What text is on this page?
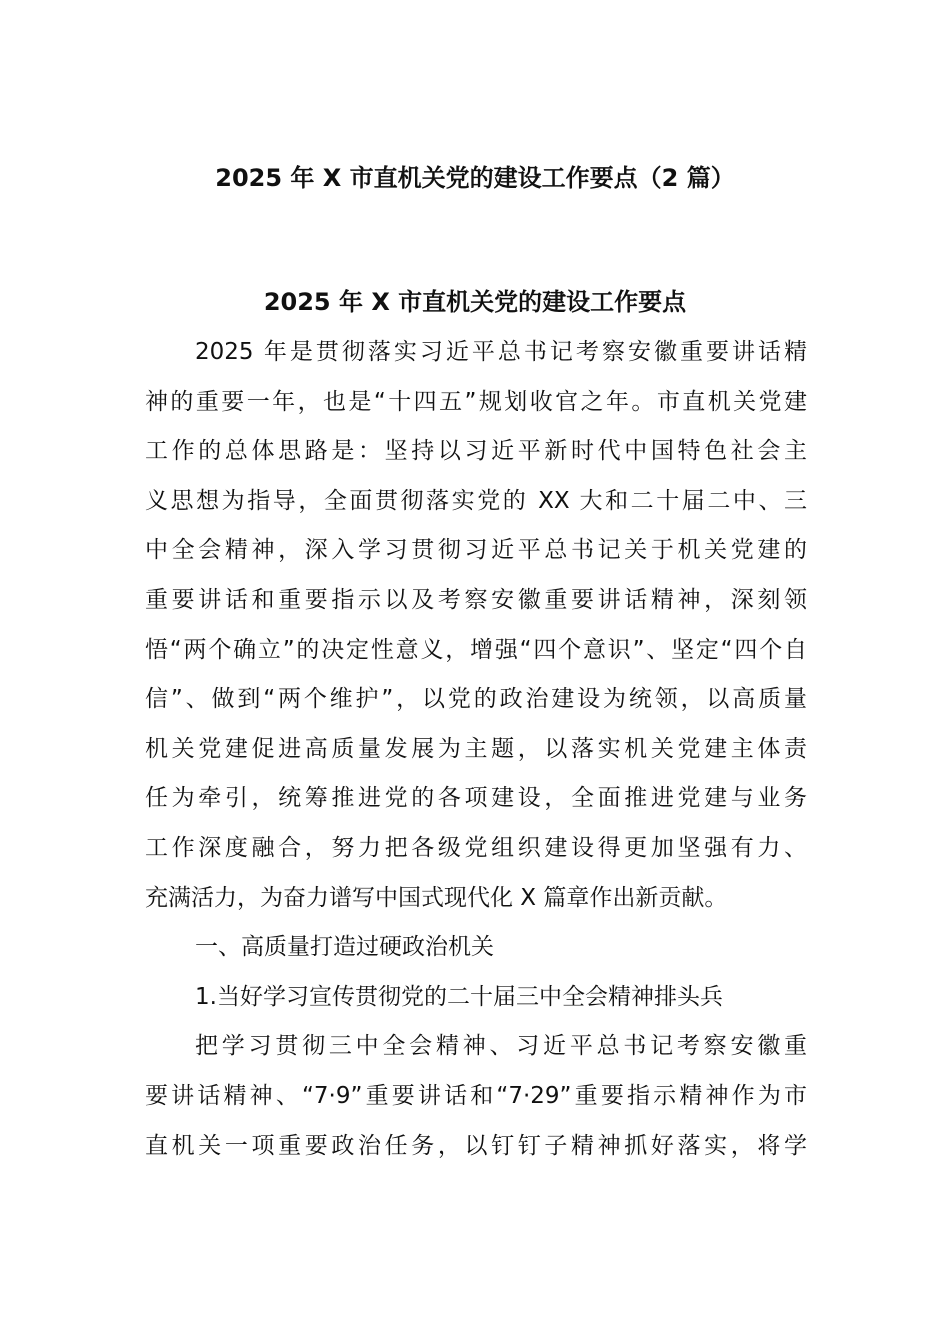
2025 年 X 市直机关党的建设工作要点（2 篇）
2025 年 X 市直机关党的建设工作要点
2025 年是贯彻落实习近平总书记考察安徽重要讲话精
神的重要一年，也是“十四五”规划收官之年。市直机关党建
工作的总体思路是：坚持以习近平新时代中国特色社会主
义思想为指导，全面贯彻落实党的 XX 大和二十届二中、三
中全会精神，深入学习贯彻习近平总书记关于机关党建的
重要讲话和重要指示以及考察安徽重要讲话精神，深刻领
悟“两个确立”的决定性意义，增强“四个意识”、坚定“四个自
信”、做到“两个维护”，以党的政治建设为统领，以高质量
机关党建促进高质量发展为主题，以落实机关党建主体责
任为牵引，统筹推进党的各项建设，全面推进党建与业务
工作深度融合，努力把各级党组织建设得更加坚强有力、
充满活力，为奋力谱写中国式现代化 X 篇章作出新贡献。
一、高质量打造过硬政治机关
1.当好学习宣传贯彻党的二十届三中全会精神排头兵
把学习贯彻三中全会精神、习近平总书记考察安徽重
要讲话精神、“7·9”重要讲话和“7·29”重要指示精神作为市
直机关一项重要政治任务，以钉钉子精神抓好落实，将学
